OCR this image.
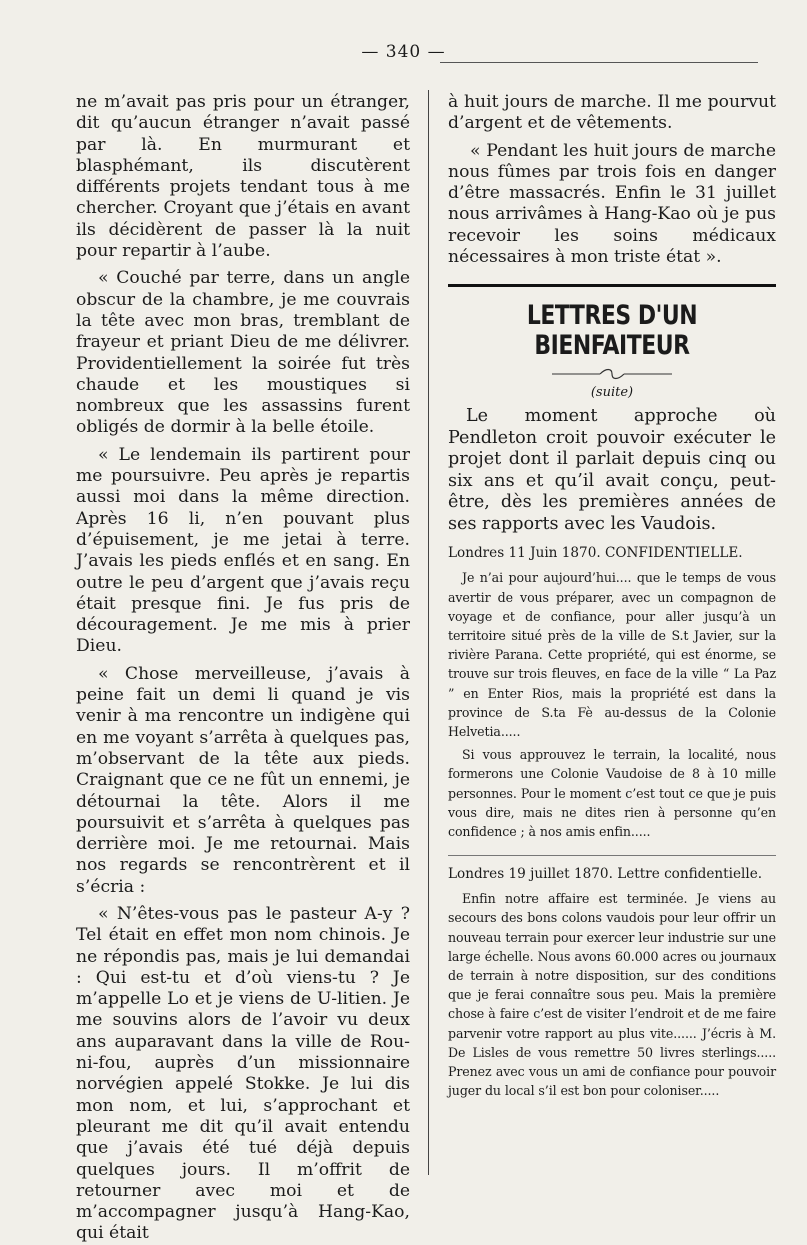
— 340 —

ne m’avait pas pris pour un étranger, dit qu’aucun étranger n’avait passé par là. En murmurant et blasphémant, ils discutèrent différents projets tendant tous à me chercher. Croyant que j’étais en avant ils décidèrent de passer là la nuit pour repartir à l’aube.

« Couché par terre, dans un angle obscur de la chambre, je me couvrais la tête avec mon bras, tremblant de frayeur et priant Dieu de me délivrer. Providentiellement la soirée fut très chaude et les moustiques si nombreux que les assassins furent obligés de dormir à la belle étoile.

« Le lendemain ils partirent pour me poursuivre. Peu après je repartis aussi moi dans la même direction. Après 16 li, n’en pouvant plus d’épuisement, je me jetai à terre. J’avais les pieds enflés et en sang. En outre le peu d’argent que j’avais reçu était presque fini. Je fus pris de découragement. Je me mis à prier Dieu.

« Chose merveilleuse, j’avais à peine fait un demi li quand je vis venir à ma rencontre un indigène qui en me voyant s’arrêta à quelques pas, m’observant de la tête aux pieds. Craignant que ce ne fût un ennemi, je détournai la tête. Alors il me poursuivit et s’arrêta à quelques pas derrière moi. Je me retournai. Mais nos regards se rencontrèrent et il s’écria :

« N’êtes-vous pas le pasteur A-y ? Tel était en effet mon nom chinois. Je ne répondis pas, mais je lui demandai : Qui est-tu et d’où viens-tu ? Je m’appelle Lo et je viens de U-litien. Je me souvins alors de l’avoir vu deux ans auparavant dans la ville de Rou-ni-fou, auprès d’un missionnaire norvégien appelé Stokke. Je lui dis mon nom, et lui, s’approchant et pleurant me dit qu’il avait entendu que j’avais été tué déjà depuis quelques jours. Il m’offrit de retourner avec moi et de m’accompagner jusqu’à Hang-Kao, qui était

à huit jours de marche. Il me pourvut d’argent et de vêtements.

« Pendant les huit jours de marche nous fûmes par trois fois en danger d’être massacrés. Enfin le 31 juillet nous arrivâmes à Hang-Kao où je pus recevoir les soins médicaux nécessaires à mon triste état ».

LETTRES D'UN BIENFAITEUR
(suite)

Le moment approche où Pendleton croit pouvoir exécuter le projet dont il parlait depuis cinq ou six ans et qu’il avait conçu, peut-être, dès les premières années de ses rapports avec les Vaudois.

Londres 11 Juin 1870. CONFIDENTIELLE.

Je n’ai pour aujourd’hui.... que le temps de vous avertir de vous préparer, avec un compagnon de voyage et de confiance, pour aller jusqu’à un territoire situé près de la ville de S.t Javier, sur la rivière Parana. Cette propriété, qui est énorme, se trouve sur trois fleuves, en face de la ville “ La Paz ” en Enter Rios, mais la propriété est dans la province de S.ta Fè au-dessus de la Colonie Helvetia.....

Si vous approuvez le terrain, la localité, nous formerons une Colonie Vaudoise de 8 à 10 mille personnes. Pour le moment c’est tout ce que je puis vous dire, mais ne dites rien à personne qu’en confidence ; à nos amis enfin.....

Londres 19 juillet 1870. Lettre confidentielle.

Enfin notre affaire est terminée. Je viens au secours des bons colons vaudois pour leur offrir un nouveau terrain pour exercer leur industrie sur une large échelle. Nous avons 60.000 acres ou journaux de terrain à notre disposition, sur des conditions que je ferai connaître sous peu. Mais la première chose à faire c’est de visiter l’endroit et de me faire parvenir votre rapport au plus vite...... J’écris à M. De Lisles de vous remettre 50 livres sterlings..... Prenez avec vous un ami de confiance pour pouvoir juger du local s’il est bon pour coloniser.....
